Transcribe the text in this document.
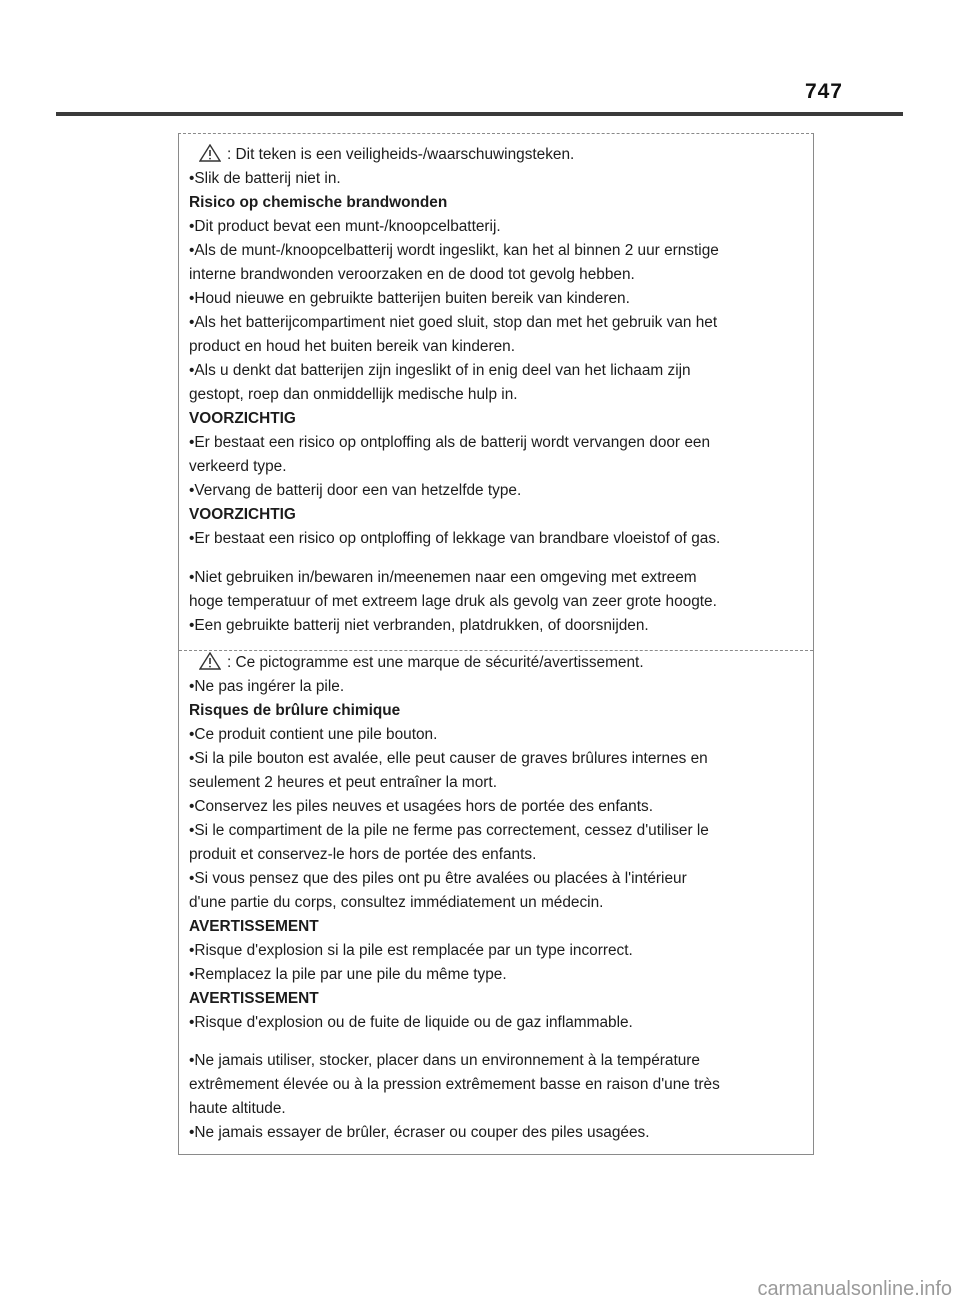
747
: Dit teken is een veiligheids-/waarschuwingsteken.
•Slik de batterij niet in.
Risico op chemische brandwonden
•Dit product bevat een munt-/knoopcelbatterij.
•Als de munt-/knoopcelbatterij wordt ingeslikt, kan het al binnen 2 uur ernstige
interne brandwonden veroorzaken en de dood tot gevolg hebben.
•Houd nieuwe en gebruikte batterijen buiten bereik van kinderen.
•Als het batterijcompartiment niet goed sluit, stop dan met het gebruik van het
product en houd het buiten bereik van kinderen.
•Als u denkt dat batterijen zijn ingeslikt of in enig deel van het lichaam zijn
gestopt, roep dan onmiddellijk medische hulp in.
VOORZICHTIG
•Er bestaat een risico op ontploffing als de batterij wordt vervangen door een
verkeerd type.
•Vervang de batterij door een van hetzelfde type.
VOORZICHTIG
•Er bestaat een risico op ontploffing of lekkage van brandbare vloeistof of gas.
•Niet gebruiken in/bewaren in/meenemen naar een omgeving met extreem
hoge temperatuur of met extreem lage druk als gevolg van zeer grote hoogte.
•Een gebruikte batterij niet verbranden, platdrukken, of doorsnijden.
: Ce pictogramme est une marque de sécurité/avertissement.
•Ne pas ingérer la pile.
Risques de brûlure chimique
•Ce produit contient une pile bouton.
•Si la pile bouton est avalée, elle peut causer de graves brûlures internes en
seulement 2 heures et peut entraîner la mort.
•Conservez les piles neuves et usagées hors de portée des enfants.
•Si le compartiment de la pile ne ferme pas correctement, cessez d'utiliser le
produit et conservez-le hors de portée des enfants.
•Si vous pensez que des piles ont pu être avalées ou placées à l'intérieur
d'une partie du corps, consultez immédiatement un médecin.
AVERTISSEMENT
•Risque d'explosion si la pile est remplacée par un type incorrect.
•Remplacez la pile par une pile du même type.
AVERTISSEMENT
•Risque d'explosion ou de fuite de liquide ou de gaz inflammable.
•Ne jamais utiliser, stocker, placer dans un environnement à la température
extrêmement élevée ou à la pression extrêmement basse en raison d'une très
haute altitude.
•Ne jamais essayer de brûler, écraser ou couper des piles usagées.
carmanualsonline.info
